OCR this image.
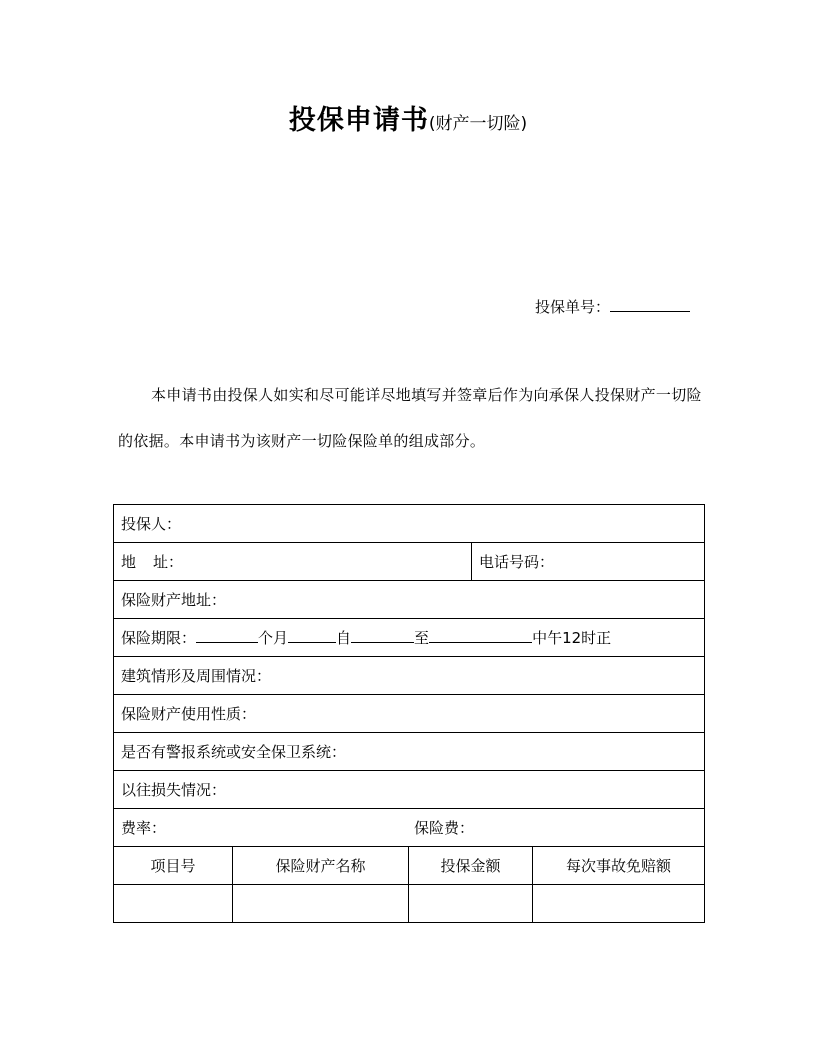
投保申请书(财产一切险)
投保单号：

本申请书由投保人如实和尽可能详尽地填写并签章后作为向承保人投保财产一切险的依据。本申请书为该财产一切险保险单的组成部分。

投保人：				
地 址：			电话号码：	
保险财产地址：				
保险期限： 个月 自 至 中午12时正				
建筑情形及周围情况：				
保险财产使用性质：				
是否有警报系统或安全保卫系统：				
以往损失情况：				
费率： 保险费：				
项目号	保险财产名称	投保金额		每次事故免赔额
